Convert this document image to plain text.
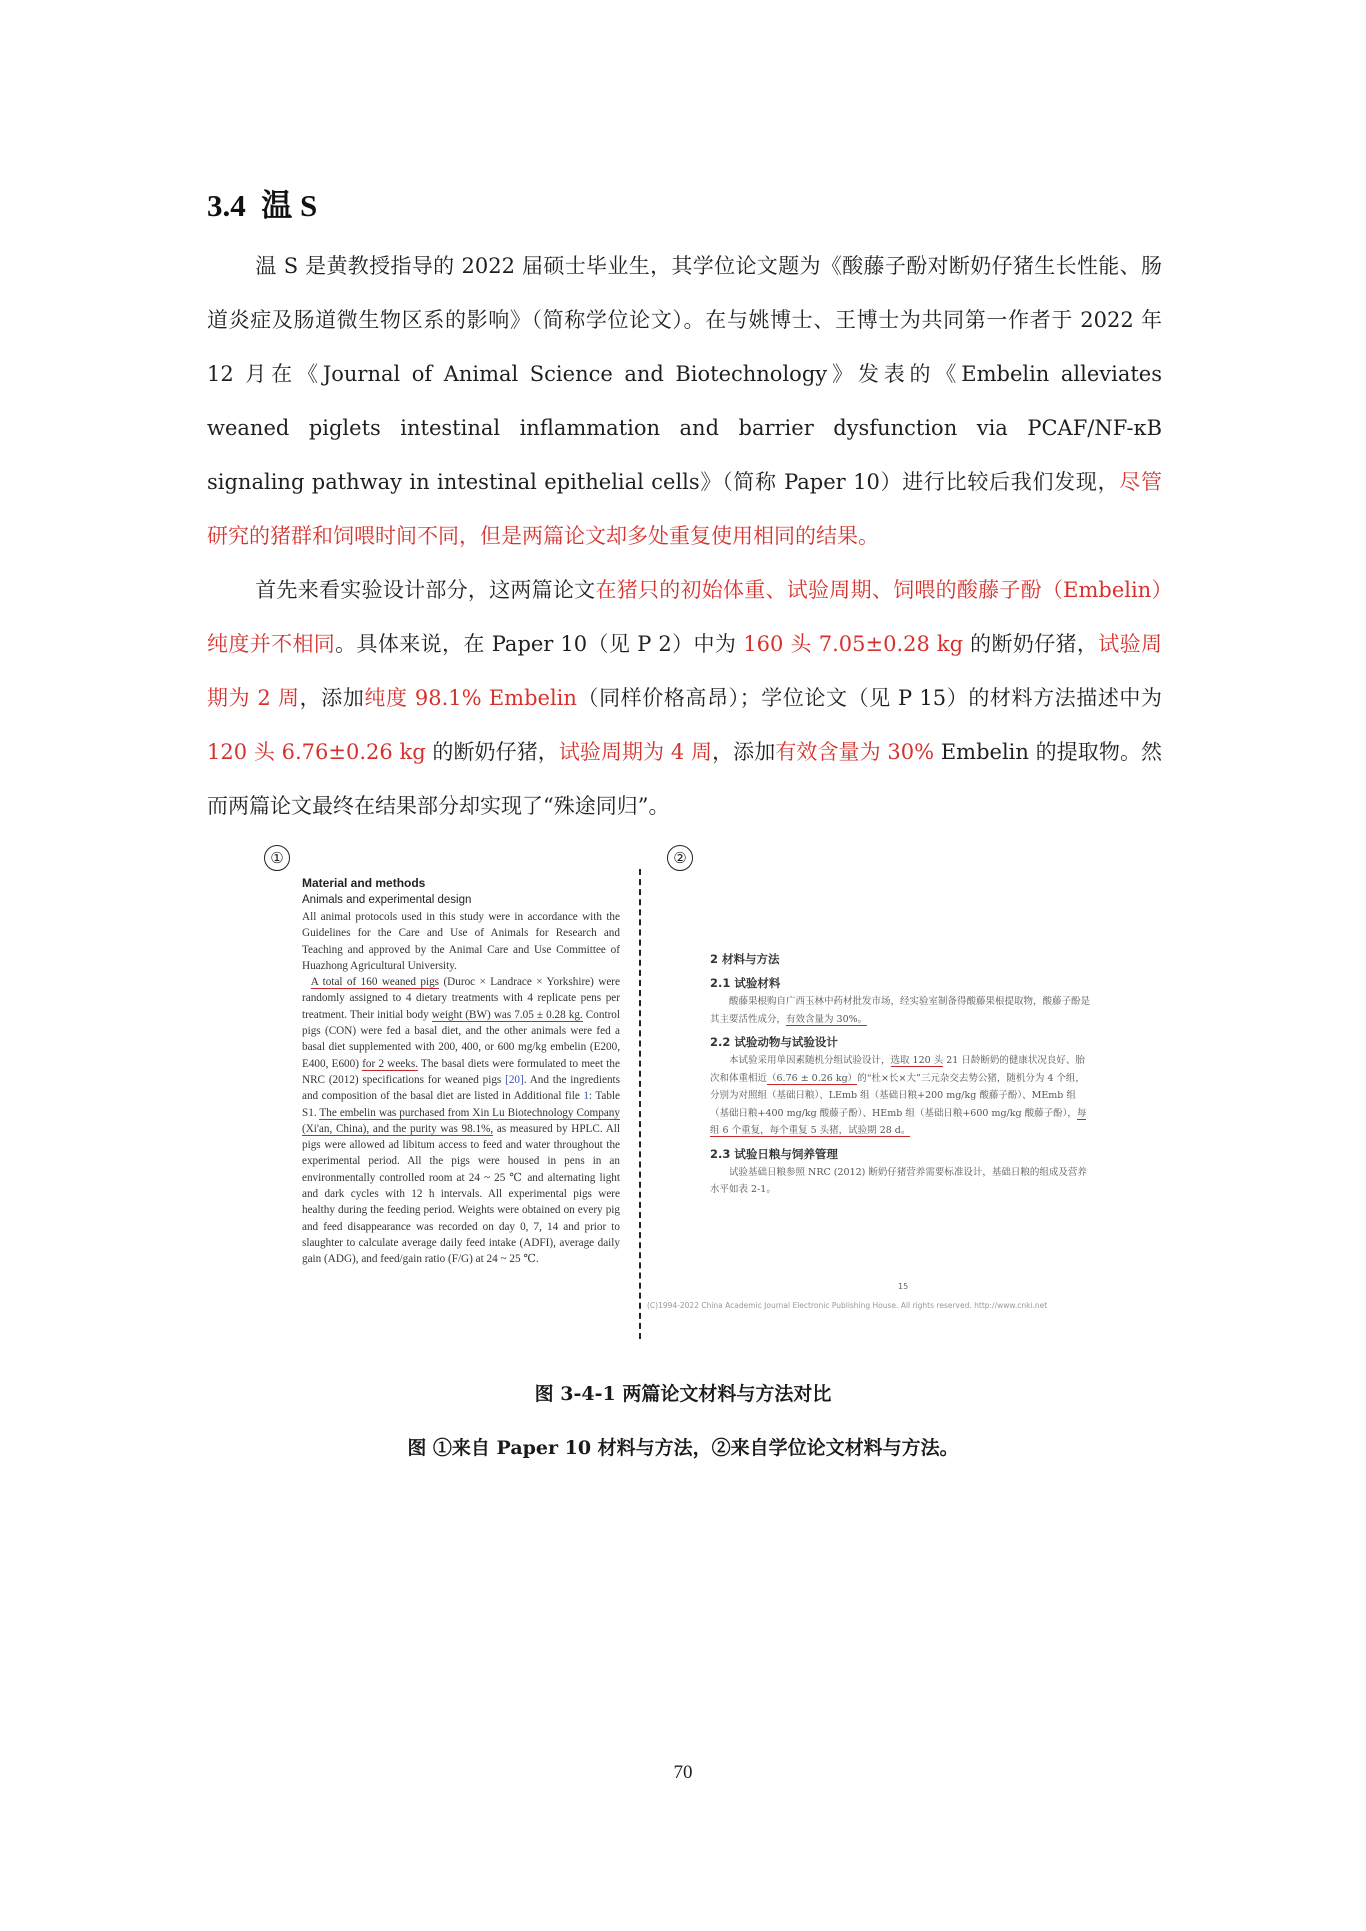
3.4 温 S

温 S 是黄教授指导的 2022 届硕士毕业生，其学位论文题为《酸藤子酚对断奶仔猪生长性能、肠道炎症及肠道微生物区系的影响》（简称学位论文）。在与姚博士、王博士为共同第一作者于 2022 年 12 月在《Journal of Animal Science and Biotechnology》发表的《Embelin alleviates weaned piglets intestinal inflammation and barrier dysfunction via PCAF/NF-κB signaling pathway in intestinal epithelial cells》（简称 Paper 10）进行比较后我们发现，尽管研究的猪群和饲喂时间不同，但是两篇论文却多处重复使用相同的结果。

首先来看实验设计部分，这两篇论文在猪只的初始体重、试验周期、饲喂的酸藤子酚（Embelin）纯度并不相同。具体来说，在 Paper 10（见 P 2）中为 160 头 7.05±0.28 kg 的断奶仔猪，试验周期为 2 周，添加纯度 98.1% Embelin（同样价格高昂）；学位论文（见 P 15）的材料方法描述中为 120 头 6.76±0.26 kg 的断奶仔猪，试验周期为 4 周，添加有效含量为 30% Embelin 的提取物。然而两篇论文最终在结果部分却实现了“殊途同归”。

①	②
Material and methods
Animals and experimental design
All animal protocols used in this study were in accordance with the Guidelines for the Care and Use of Animals for Research and Teaching and approved by the Animal Care and Use Committee of Huazhong Agricultural University.
A total of 160 weaned pigs (Duroc × Landrace × Yorkshire) were randomly assigned to 4 dietary treatments with 4 replicate pens per treatment. Their initial body weight (BW) was 7.05 ± 0.28 kg. Control pigs (CON) were fed a basal diet, and the other animals were fed a basal diet supplemented with 200, 400, or 600 mg/kg embelin (E200, E400, E600) for 2 weeks. The basal diets were formulated to meet the NRC (2012) specifications for weaned pigs [20]. And the ingredients and composition of the basal diet are listed in Additional file 1: Table S1. The embelin was purchased from Xin Lu Biotechnology Company (Xi'an, China), and the purity was 98.1%, as measured by HPLC. All pigs were allowed ad libitum access to feed and water throughout the experimental period. All the pigs were housed in pens in an environmentally controlled room at 24 ~ 25 ℃ and alternating light and dark cycles with 12 h intervals. All experimental pigs were healthy during the feeding period. Weights were obtained on every pig and feed disappearance was recorded on day 0, 7, 14 and prior to slaughter to calculate average daily feed intake (ADFI), average daily gain (ADG), and feed/gain ratio (F/G) at 24 ~ 25 ℃.
2 材料与方法
2.1 试验材料

酸藤果根购自广西玉林中药材批发市场，经实验室制备得酸藤果根提取物，酸藤子酚是其主要活性成分，有效含量为 30%。

2.2 试验动物与试验设计

本试验采用单因素随机分组试验设计，选取 120 头 21 日龄断奶的健康状况良好、胎次和体重相近（6.76 ± 0.26 kg）的“杜×长×大”三元杂交去势公猪，随机分为 4 个组，分别为对照组（基础日粮）、LEmb 组（基础日粮+200 mg/kg 酸藤子酚）、MEmb 组（基础日粮+400 mg/kg 酸藤子酚）、HEmb 组（基础日粮+600 mg/kg 酸藤子酚），每组 6 个重复，每个重复 5 头猪，试验期 28 d。

2.3 试验日粮与饲养管理

试验基础日粮参照 NRC (2012) 断奶仔猪营养需要标准设计，基础日粮的组成及营养水平如表 2-1。

15
(C)1994-2022 China Academic Journal Electronic Publishing House. All rights reserved. http://www.cnki.net
图 3-4-1 两篇论文材料与方法对比
图 ①来自 Paper 10 材料与方法，②来自学位论文材料与方法。
70
